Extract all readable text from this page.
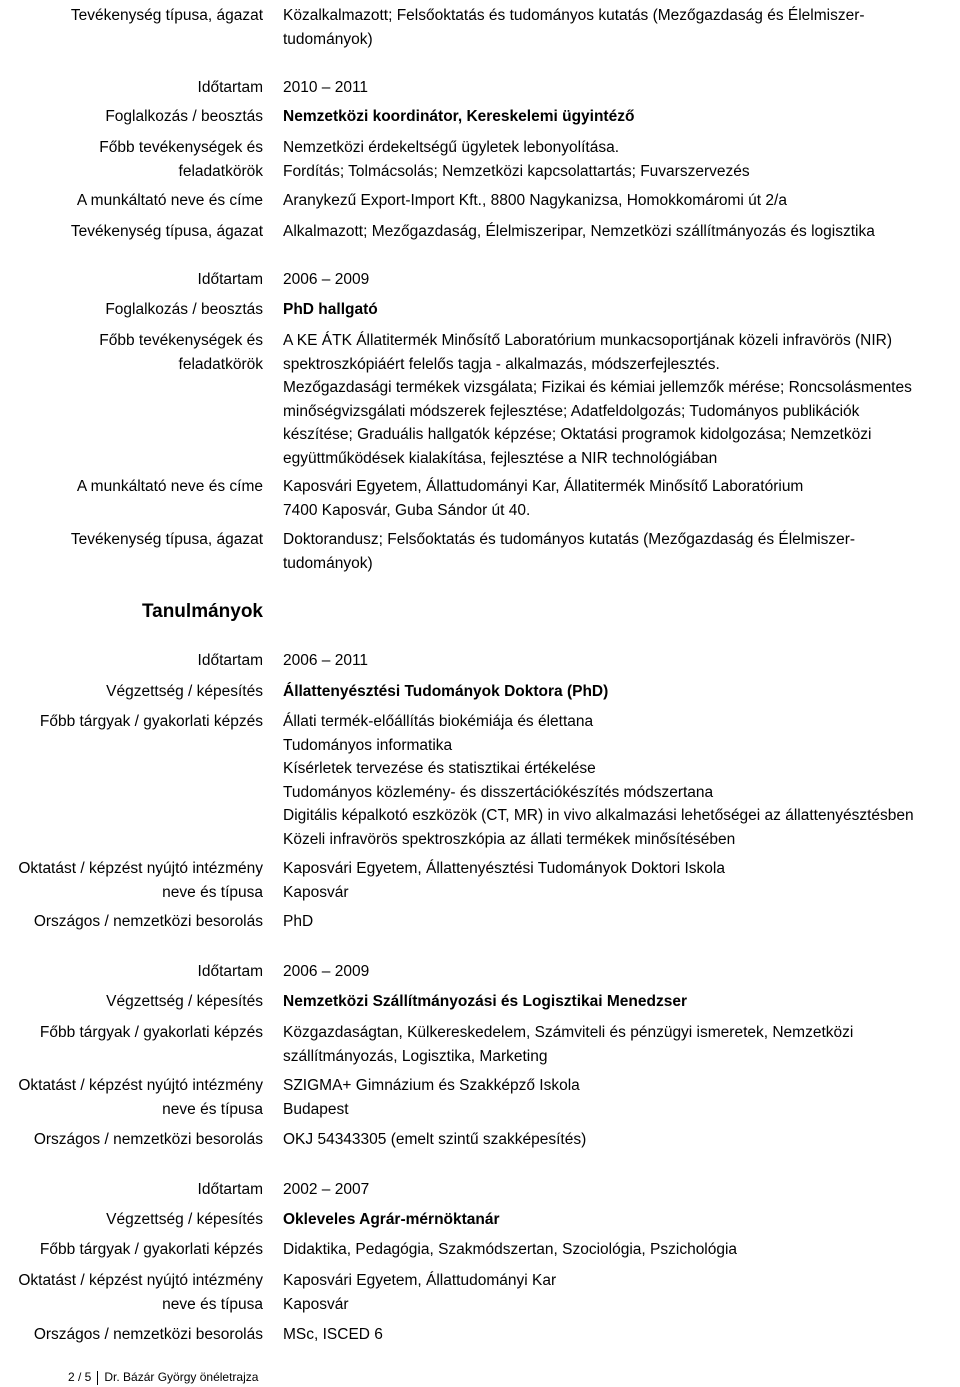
Tevékenység típusa, ágazat Közalkalmazott; Felsőoktatás és tudományos kutatás (Mezőgazdaság és Élelmiszer-
tudományok)
Időtartam 2010 – 2011
Foglalkozás / beosztás Nemzetközi koordinátor, Kereskelemi ügyintéző
Főbb tevékenységek és
feladatkörök
Nemzetközi érdekeltségű ügyletek lebonyolítása.
Fordítás; Tolmácsolás; Nemzetközi kapcsolattartás; Fuvarszervezés
A munkáltató neve és címe Aranykezű Export-Import Kft., 8800 Nagykanizsa, Homokkomáromi út 2/a
Tevékenység típusa, ágazat Alkalmazott; Mezőgazdaság, Élelmiszeripar, Nemzetközi szállítmányozás és logisztika
Időtartam 2006 – 2009
Foglalkozás / beosztás PhD hallgató
Főbb tevékenységek és
feladatkörök
A KE ÁTK Állatitermék Minősítő Laboratórium munkacsoportjának közeli infravörös (NIR)
spektroszkópiáért felelős tagja - alkalmazás, módszerfejlesztés.
Mezőgazdasági termékek vizsgálata; Fizikai és kémiai jellemzők mérése; Roncsolásmentes
minőségvizsgálati módszerek fejlesztése; Adatfeldolgozás; Tudományos publikációk
készítése; Graduális hallgatók képzése; Oktatási programok kidolgozása; Nemzetközi
együttműködések kialakítása, fejlesztése a NIR technológiában
A munkáltató neve és címe Kaposvári Egyetem, Állattudományi Kar, Állatitermék Minősítő Laboratórium
7400 Kaposvár, Guba Sándor út 40.
Tevékenység típusa, ágazat Doktorandusz; Felsőoktatás és tudományos kutatás (Mezőgazdaság és Élelmiszer-
tudományok)
Tanulmányok
Időtartam 2006 – 2011
Végzettség / képesítés Állattenyésztési Tudományok Doktora (PhD)
Főbb tárgyak / gyakorlati képzés Állati termék-előállítás biokémiája és élettana
Tudományos informatika
Kísérletek tervezése és statisztikai értékelése
Tudományos közlemény- és disszertációkészítés módszertana
Digitális képalkotó eszközök (CT, MR) in vivo alkalmazási lehetőségei az állattenyésztésben
Közeli infravörös spektroszkópia az állati termékek minősítésében
Oktatást / képzést nyújtó intézmény
neve és típusa
Kaposvári Egyetem, Állattenyésztési Tudományok Doktori Iskola
Kaposvár
Országos / nemzetközi besorolás PhD
Időtartam 2006 – 2009
Végzettség / képesítés Nemzetközi Szállítmányozási és Logisztikai Menedzser
Főbb tárgyak / gyakorlati képzés Közgazdaságtan, Külkereskedelem, Számviteli és pénzügyi ismeretek, Nemzetközi
szállítmányozás, Logisztika, Marketing
Oktatást / képzést nyújtó intézmény
neve és típusa
SZIGMA+ Gimnázium és Szakképző Iskola
Budapest
Országos / nemzetközi besorolás OKJ 54343305 (emelt szintű szakképesítés)
Időtartam 2002 – 2007
Végzettség / képesítés Okleveles Agrár-mérnöktanár
Főbb tárgyak / gyakorlati képzés Didaktika, Pedagógia, Szakmódszertan, Szociológia, Pszichológia
Oktatást / képzést nyújtó intézmény
neve és típusa
Kaposvári Egyetem, Állattudományi Kar
Kaposvár
Országos / nemzetközi besorolás MSc, ISCED 6
2 / 5 Dr. Bázár György önéletrajza
